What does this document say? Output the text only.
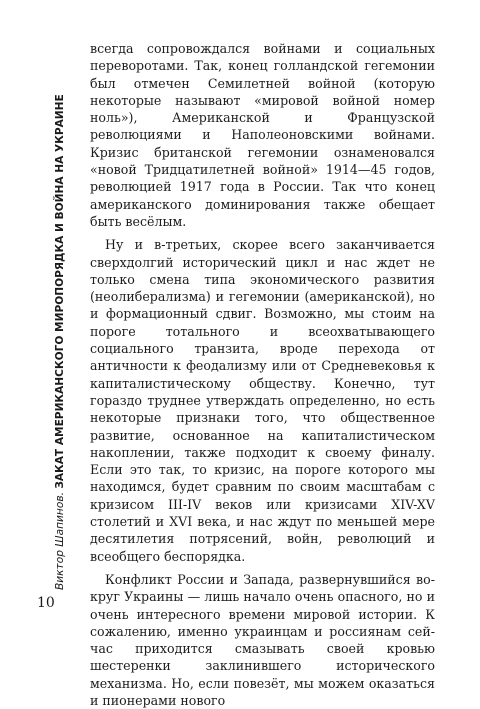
Виктор Шапинов. ЗАКАТ АМЕРИКАНСКОГО МИРОПОРЯДКА И ВОЙНА НА УКРАИНЕ

всегда сопровождался войнами и социальных переворотами. Так, конец голландской гегемонии был отмечен Семилетней войной (которую некоторые называют «мировой войной номер ноль»), Американской и Французской революциями и Наполеоновскими войнами. Кризис британской гегемонии ознаменовался «новой Тридцатилетней войной» 1914—45 годов, революцией 1917 года в России. Так что конец американского доминирования также обещает быть весёлым.

Ну и в-третьих, скорее всего заканчивается сверхдолгий исторический цикл и нас ждет не только смена типа экономического развития (неолиберализма) и гегемонии (американской), но и формационный сдвиг. Возможно, мы стоим на пороге тотального и всеохватывающего социального транзита, вроде перехода от античности к феодализму или от Средневековья к капиталистическому обществу. Конечно, тут гораздо труднее утверждать определенно, но есть некоторые признаки того, что общественное развитие, основанное на капиталистическом накоплении, также подходит к своему финалу. Если это так, то кризис, на пороге которого мы находимся, будет сравним по своим масштабам с кризисом III-IV веков или кризисами XIV-XV столетий и XVI века, и нас ждут по меньшей мере десятилетия потрясений, войн, революций и всеобщего беспорядка.

Конфликт России и Запада, развернувшийся вокруг Украины — лишь начало очень опасного, но и очень интересного времени мировой истории. К сожалению, именно украинцам и россиянам сейчас приходится смазывать своей кровью шестеренки заклинившего исторического механизма. Но, если повезёт, мы можем оказаться и пионерами нового

10
